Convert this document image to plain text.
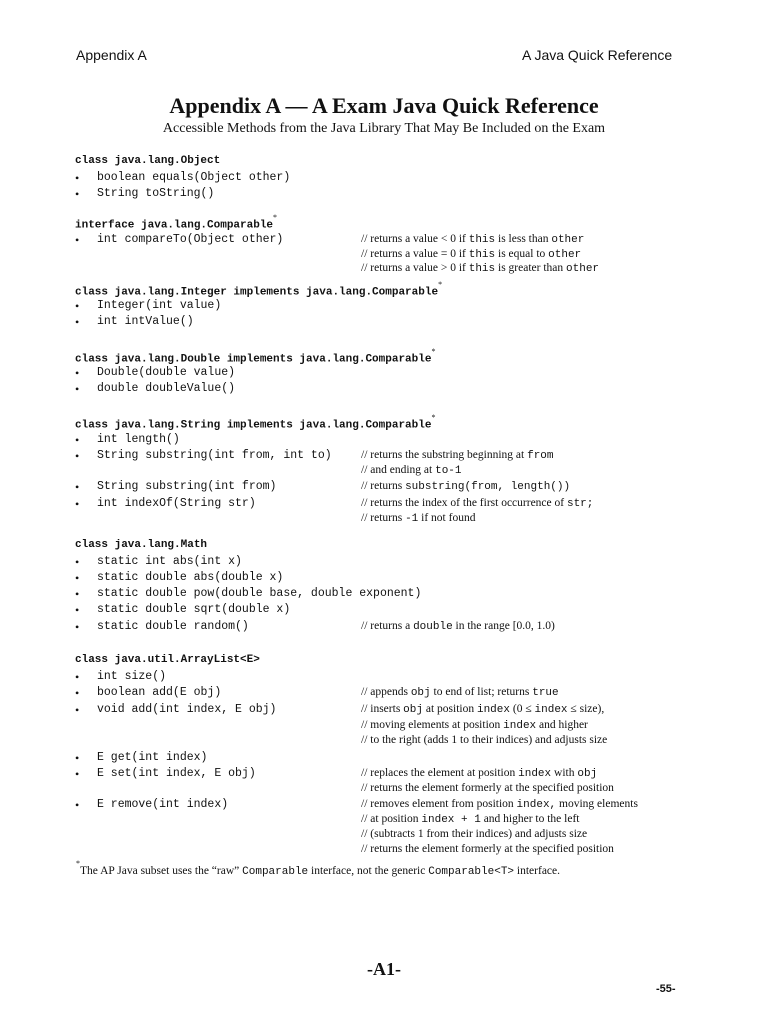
Appendix A	A Java Quick Reference
Appendix A — A Exam Java Quick Reference
Accessible Methods from the Java Library That May Be Included on the Exam
class java.lang.Object
• boolean equals(Object other)
• String toString()
interface java.lang.Comparable*
• int compareTo(Object other)	// returns a value < 0 if this is less than other
// returns a value = 0 if this is equal to other
// returns a value > 0 if this is greater than other
class java.lang.Integer implements java.lang.Comparable*
• Integer(int value)
• int intValue()
class java.lang.Double implements java.lang.Comparable*
• Double(double value)
• double doubleValue()
class java.lang.String implements java.lang.Comparable*
• int length()
• String substring(int from, int to)	// returns the substring beginning at from
// and ending at to-1
• String substring(int from)	// returns substring(from, length())
• int indexOf(String str)	// returns the index of the first occurrence of str;
// returns -1 if not found
class java.lang.Math
• static int abs(int x)
• static double abs(double x)
• static double pow(double base, double exponent)
• static double sqrt(double x)
• static double random()	// returns a double in the range [0.0, 1.0)
class java.util.ArrayList<E>
• int size()
• boolean add(E obj)	// appends obj to end of list; returns true
• void add(int index, E obj)	// inserts obj at position index (0 ≤ index ≤ size),
// moving elements at position index and higher
// to the right (adds 1 to their indices) and adjusts size
• E get(int index)
• E set(int index, E obj)	// replaces the element at position index with obj
// returns the element formerly at the specified position
• E remove(int index)	// removes element from position index, moving elements
// at position index + 1 and higher to the left
// (subtracts 1 from their indices) and adjusts size
// returns the element formerly at the specified position
*The AP Java subset uses the “raw” Comparable interface, not the generic Comparable<T> interface.
-A1-
-55-
